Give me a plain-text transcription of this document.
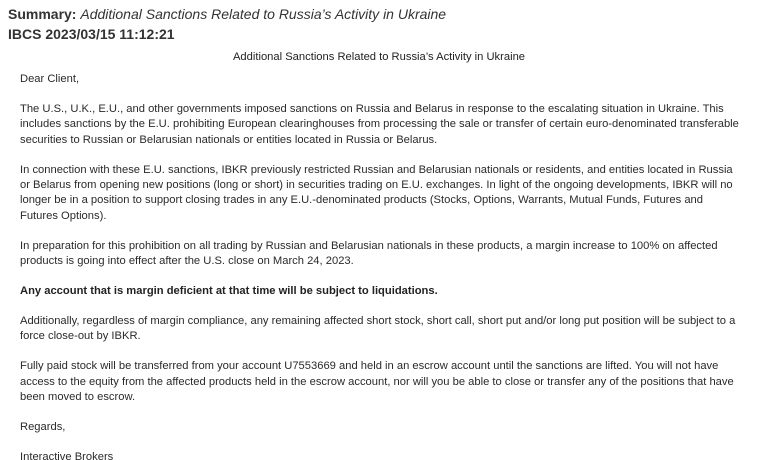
Summary: Additional Sanctions Related to Russia’s Activity in Ukraine
IBCS 2023/03/15 11:12:21
Additional Sanctions Related to Russia’s Activity in Ukraine

Dear Client,

The U.S., U.K., E.U., and other governments imposed sanctions on Russia and Belarus in response to the escalating situation in Ukraine. This includes sanctions by the E.U. prohibiting European clearinghouses from processing the sale or transfer of certain euro-denominated transferable securities to Russian or Belarusian nationals or entities located in Russia or Belarus.

In connection with these E.U. sanctions, IBKR previously restricted Russian and Belarusian nationals or residents, and entities located in Russia or Belarus from opening new positions (long or short) in securities trading on E.U. exchanges. In light of the ongoing developments, IBKR will no longer be in a position to support closing trades in any E.U.-denominated products (Stocks, Options, Warrants, Mutual Funds, Futures and Futures Options).

In preparation for this prohibition on all trading by Russian and Belarusian nationals in these products, a margin increase to 100% on affected products is going into effect after the U.S. close on March 24, 2023.

Any account that is margin deficient at that time will be subject to liquidations.

Additionally, regardless of margin compliance, any remaining affected short stock, short call, short put and/or long put position will be subject to a force close-out by IBKR.

Fully paid stock will be transferred from your account U7553669 and held in an escrow account until the sanctions are lifted. You will not have access to the equity from the affected products held in the escrow account, nor will you be able to close or transfer any of the positions that have been moved to escrow.

Regards,

Interactive Brokers
